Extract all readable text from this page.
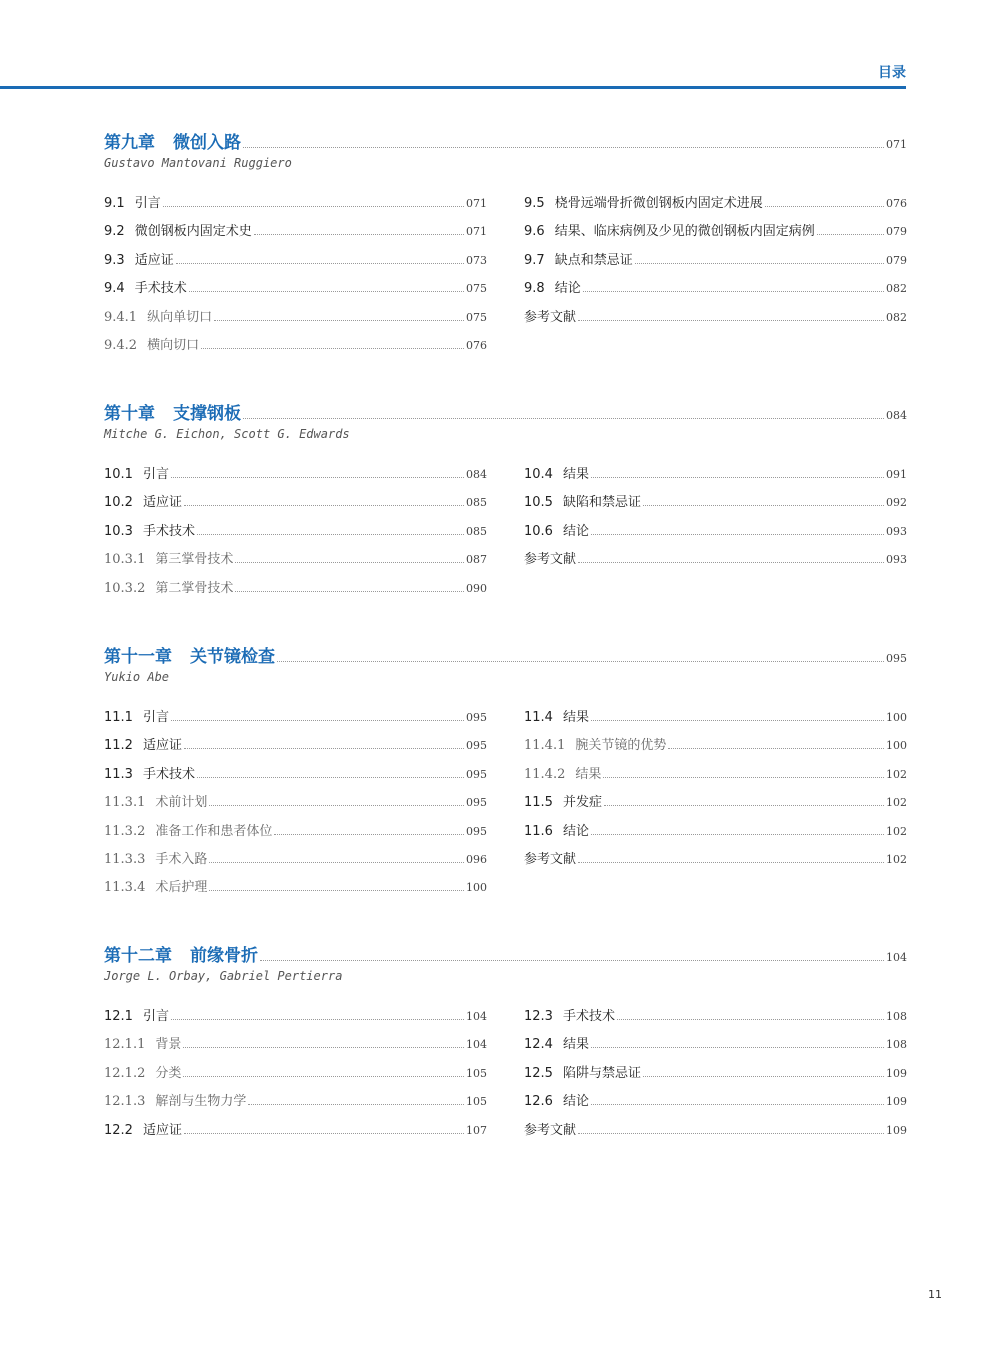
目录
第九章 微创入路	071
Gustavo Mantovani Ruggiero
9.1 引言	071
9.2 微创钢板内固定术史	071
9.3 适应证	073
9.4 手术技术	075
9.4.1 纵向单切口	075
9.4.2 横向切口	076
9.5 桡骨远端骨折微创钢板内固定术进展	076
9.6 结果、临床病例及少见的微创钢板内固定病例	079
9.7 缺点和禁忌证	079
9.8 结论	082
参考文献	082
第十章 支撑钢板	084
Mitche G. Eichon, Scott G. Edwards
10.1 引言	084
10.2 适应证	085
10.3 手术技术	085
10.3.1 第三掌骨技术	087
10.3.2 第二掌骨技术	090
10.4 结果	091
10.5 缺陷和禁忌证	092
10.6 结论	093
参考文献	093
第十一章 关节镜检查	095
Yukio Abe
11.1 引言	095
11.2 适应证	095
11.3 手术技术	095
11.3.1 术前计划	095
11.3.2 准备工作和患者体位	095
11.3.3 手术入路	096
11.3.4 术后护理	100
11.4 结果	100
11.4.1 腕关节镜的优势	100
11.4.2 结果	102
11.5 并发症	102
11.6 结论	102
参考文献	102
第十二章 前缘骨折	104
Jorge L. Orbay, Gabriel Pertierra
12.1 引言	104
12.1.1 背景	104
12.1.2 分类	105
12.1.3 解剖与生物力学	105
12.2 适应证	107
12.3 手术技术	108
12.4 结果	108
12.5 陷阱与禁忌证	109
12.6 结论	109
参考文献	109
11
